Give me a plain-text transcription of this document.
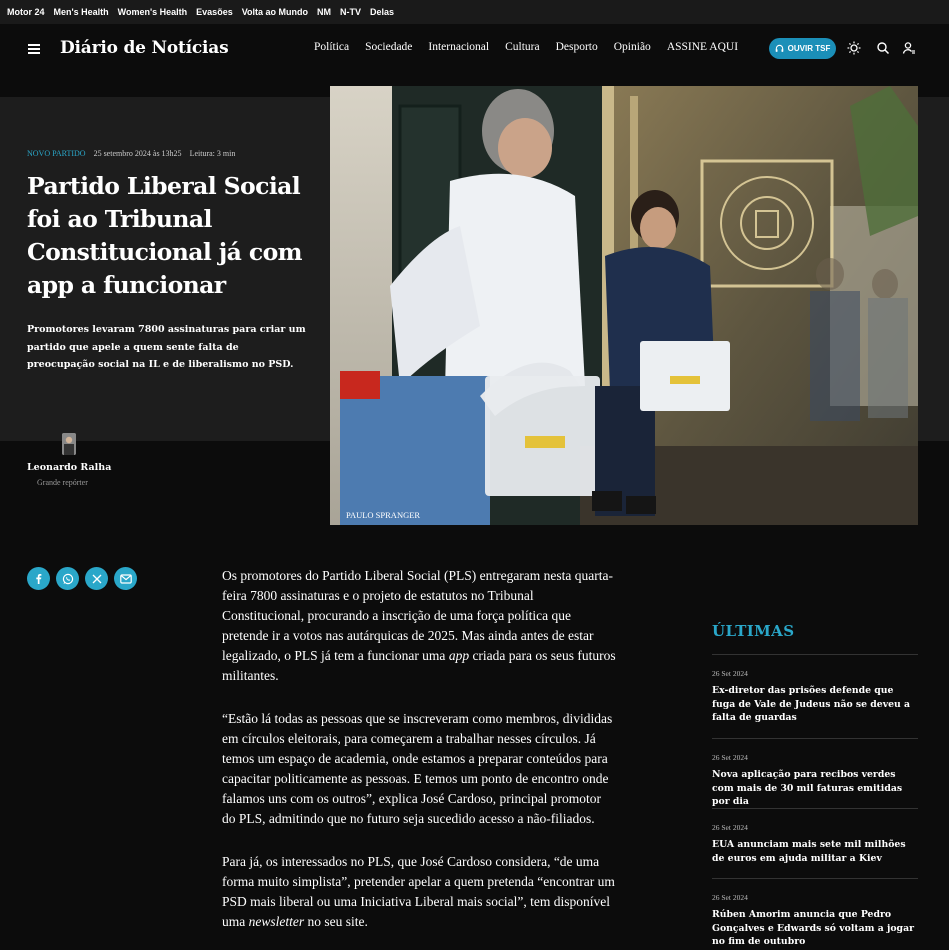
Motor 24 Men's Health Women's Health Evasões Volta ao Mundo NM N-TV Delas
Diário de Notícias	Política Sociedade Internacional Cultura Desporto Opinião ASSINE AQUI	OUVIR TSF
NOVO PARTIDO 25 setembro 2024 às 13h25 Leitura: 3 min
Partido Liberal Social foi ao Tribunal Constitucional já com app a funcionar

Promotores levaram 7800 assinaturas para criar um partido que apele a quem sente falta de preocupação social na IL e de liberalismo no PSD.

Leonardo Ralha
Grande repórter
PAULO SPRANGER

Os promotores do Partido Liberal Social (PLS) entregaram nesta quarta-feira 7800 assinaturas e o projeto de estatutos no Tribunal Constitucional, procurando a inscrição de uma força política que pretende ir a votos nas autárquicas de 2025. Mas ainda antes de estar legalizado, o PLS já tem a funcionar uma app criada para os seus futuros militantes.

“Estão lá todas as pessoas que se inscreveram como membros, divididas em círculos eleitorais, para começarem a trabalhar nesses círculos. Já temos um espaço de academia, onde estamos a preparar conteúdos para capacitar politicamente as pessoas. E temos um ponto de encontro onde falamos uns com os outros”, explica José Cardoso, principal promotor do PLS, admitindo que no futuro seja sucedido acesso a não-filiados.

Para já, os interessados no PLS, que José Cardoso considera, “de uma forma muito simplista”, pretender apelar a quem pretenda “encontrar um PSD mais liberal ou uma Iniciativa Liberal mais social”, tem disponível uma newsletter no seu site.

ÚLTIMAS
26 Set 2024
Ex-diretor das prisões defende que fuga de Vale de Judeus não se deveu a falta de guardas
26 Set 2024
Nova aplicação para recibos verdes com mais de 30 mil faturas emitidas por dia
26 Set 2024
EUA anunciam mais sete mil milhões de euros em ajuda militar a Kiev
26 Set 2024
Rúben Amorim anuncia que Pedro Gonçalves e Edwards só voltam a jogar no fim de outubro
